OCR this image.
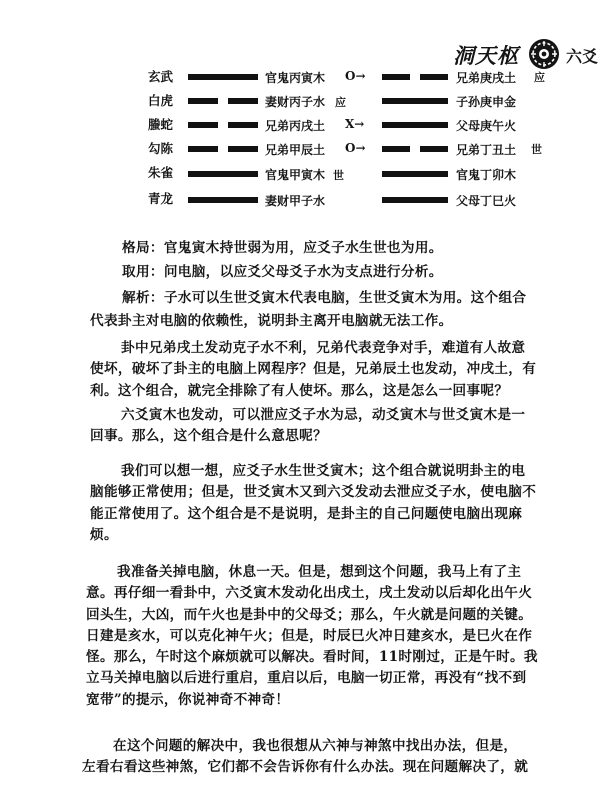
洞天枢	六爻
玄武
白虎
螣蛇
勾陈
朱雀
青龙
官鬼丙寅木
妻财丙子水
兄弟丙戌土
兄弟甲辰土
官鬼甲寅木
妻财甲子水
应
世
O→
X→
O→
兄弟庚戌土
子孙庚申金
父母庚午火
兄弟丁丑土
官鬼丁卯木
父母丁巳火
应
世
格局：官鬼寅木持世弱为用，应爻子水生世也为用。
取用：问电脑，以应爻父母爻子水为支点进行分析。
解析：子水可以生世爻寅木代表电脑，生世爻寅木为用。这个组合
代表卦主对电脑的依赖性，说明卦主离开电脑就无法工作。
卦中兄弟戌土发动克子水不利，兄弟代表竞争对手，难道有人故意
使坏，破坏了卦主的电脑上网程序？但是，兄弟辰土也发动，冲戌土，有
利。这个组合，就完全排除了有人使坏。那么，这是怎么一回事呢？
六爻寅木也发动，可以泄应爻子水为忌，动爻寅木与世爻寅木是一
回事。那么，这个组合是什么意思呢？
我们可以想一想，应爻子水生世爻寅木；这个组合就说明卦主的电
脑能够正常使用；但是，世爻寅木又到六爻发动去泄应爻子水，使电脑不
能正常使用了。这个组合是不是说明，是卦主的自己问题使电脑出现麻
烦。
我准备关掉电脑，休息一天。但是，想到这个问题，我马上有了主
意。再仔细一看卦中，六爻寅木发动化出戌土，戌土发动以后却化出午火
回头生，大凶，而午火也是卦中的父母爻；那么，午火就是问题的关键。
日建是亥水，可以克化神午火；但是，时辰巳火冲日建亥水，是巳火在作
怪。那么，午时这个麻烦就可以解决。看时间，11时刚过，正是午时。我
立马关掉电脑以后进行重启，重启以后，电脑一切正常，再没有“找不到
宽带”的提示，你说神奇不神奇！
在这个问题的解决中，我也很想从六神与神煞中找出办法，但是，
左看右看这些神煞，它们都不会告诉你有什么办法。现在问题解决了，就
